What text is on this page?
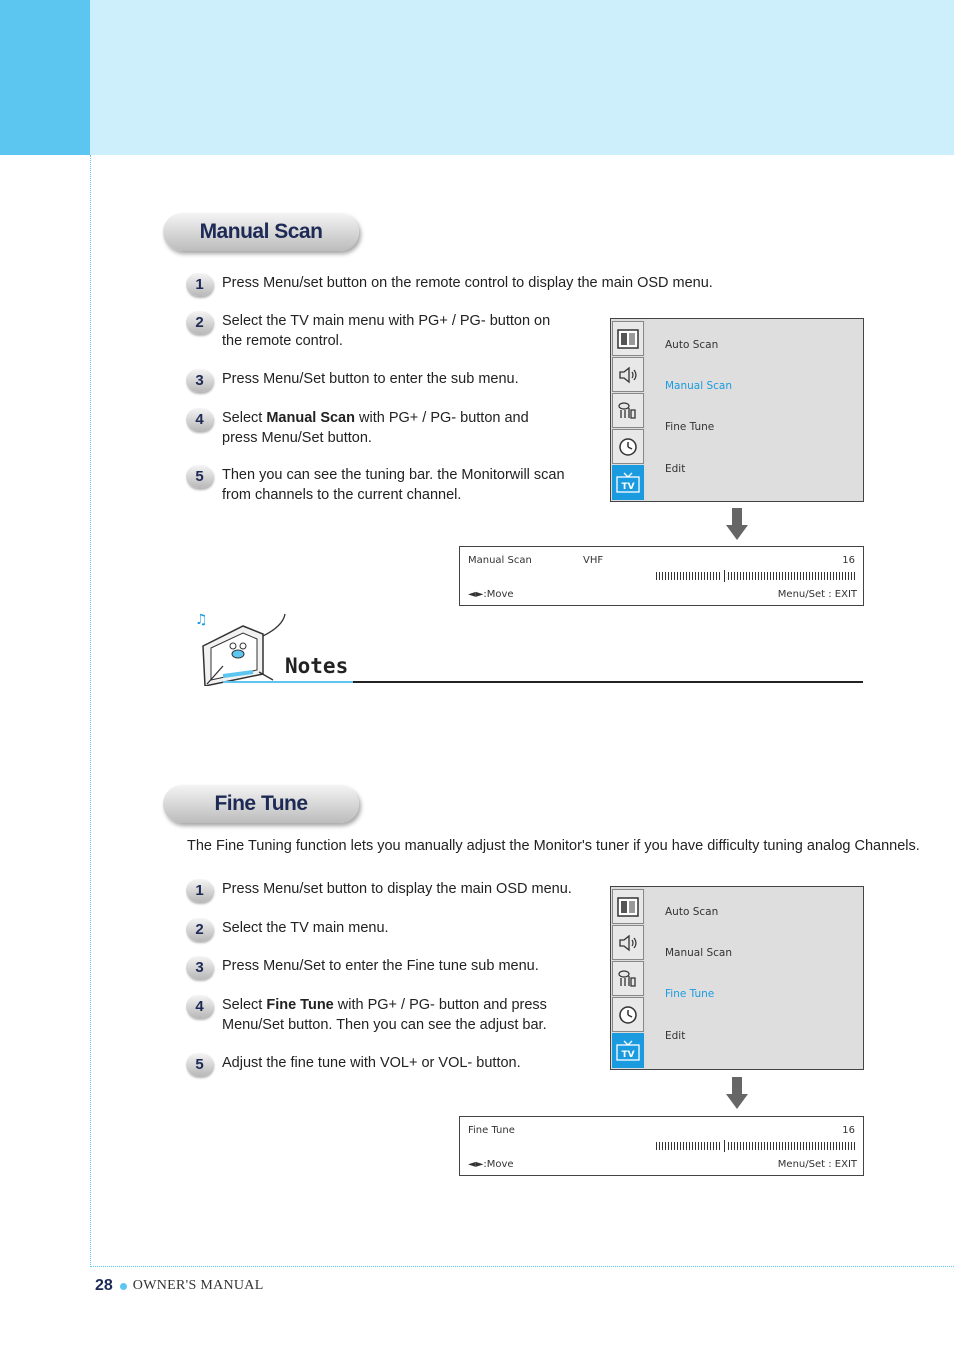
Manual Scan
1	Press Menu/set button on the remote control to display the main OSD menu.
2	Select the TV main menu with PG+ / PG- button on the remote control.
3	Press Menu/Set button to enter the sub menu.
4	Select Manual Scan with PG+ / PG- button and press Menu/Set button.
5	Then you can see the tuning bar. the Monitorwill scan from channels to the current channel.
TV
Auto Scan
Manual Scan
Fine Tune
Edit
Manual Scan	VHF	16
◄►:Move	Menu/Set : EXIT
♫
Notes
Fine Tune
The Fine Tuning function lets you manually adjust the Monitor's tuner if you have difficulty tuning analog Channels.
1	Press Menu/set button to display the main OSD menu.
2	Select the TV main menu.
3	Press Menu/Set to enter the Fine tune sub menu.
4	Select Fine Tune with PG+ / PG- button and press Menu/Set button. Then you can see the adjust bar.
5	Adjust the fine tune with VOL+ or VOL- button.
TV
Auto Scan
Manual Scan
Fine Tune
Edit
Fine Tune	16
◄►:Move	Menu/Set : EXIT
28 OWNER'S MANUAL
